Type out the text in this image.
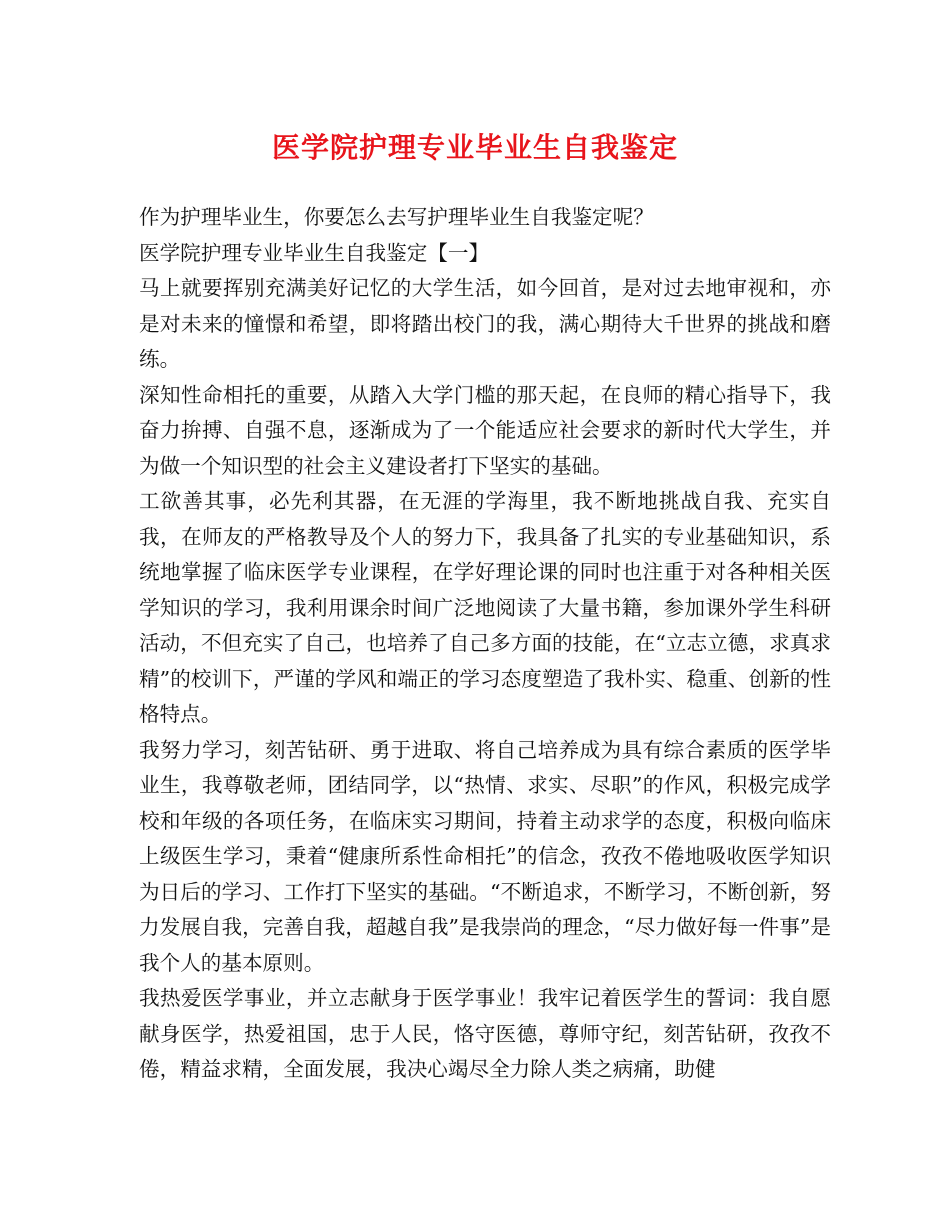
医学院护理专业毕业生自我鉴定

作为护理毕业生，你要怎么去写护理毕业生自我鉴定呢？

医学院护理专业毕业生自我鉴定【一】

马上就要挥别充满美好记忆的大学生活，如今回首，是对过去地审视和，亦是对未来的憧憬和希望，即将踏出校门的我，满心期待大千世界的挑战和磨练。

深知性命相托的重要，从踏入大学门槛的那天起，在良师的精心指导下，我奋力拚搏、自强不息，逐渐成为了一个能适应社会要求的新时代大学生，并为做一个知识型的社会主义建设者打下坚实的基础。

工欲善其事，必先利其器，在无涯的学海里，我不断地挑战自我、充实自我，在师友的严格教导及个人的努力下，我具备了扎实的专业基础知识，系统地掌握了临床医学专业课程，在学好理论课的同时也注重于对各种相关医学知识的学习，我利用课余时间广泛地阅读了大量书籍，参加课外学生科研活动，不但充实了自己，也培养了自己多方面的技能，在“立志立德，求真求精”的校训下，严谨的学风和端正的学习态度塑造了我朴实、稳重、创新的性格特点。

我努力学习，刻苦钻研、勇于进取、将自己培养成为具有综合素质的医学毕业生，我尊敬老师，团结同学，以“热情、求实、尽职”的作风，积极完成学校和年级的各项任务，在临床实习期间，持着主动求学的态度，积极向临床上级医生学习，秉着“健康所系性命相托”的信念，孜孜不倦地吸收医学知识为日后的学习、工作打下坚实的基础。“不断追求，不断学习，不断创新，努力发展自我，完善自我，超越自我”是我崇尚的理念，“尽力做好每一件事”是我个人的基本原则。

我热爱医学事业，并立志献身于医学事业！我牢记着医学生的誓词：我自愿献身医学，热爱祖国，忠于人民，恪守医德，尊师守纪，刻苦钻研，孜孜不倦，精益求精，全面发展，我决心竭尽全力除人类之病痛，助健
